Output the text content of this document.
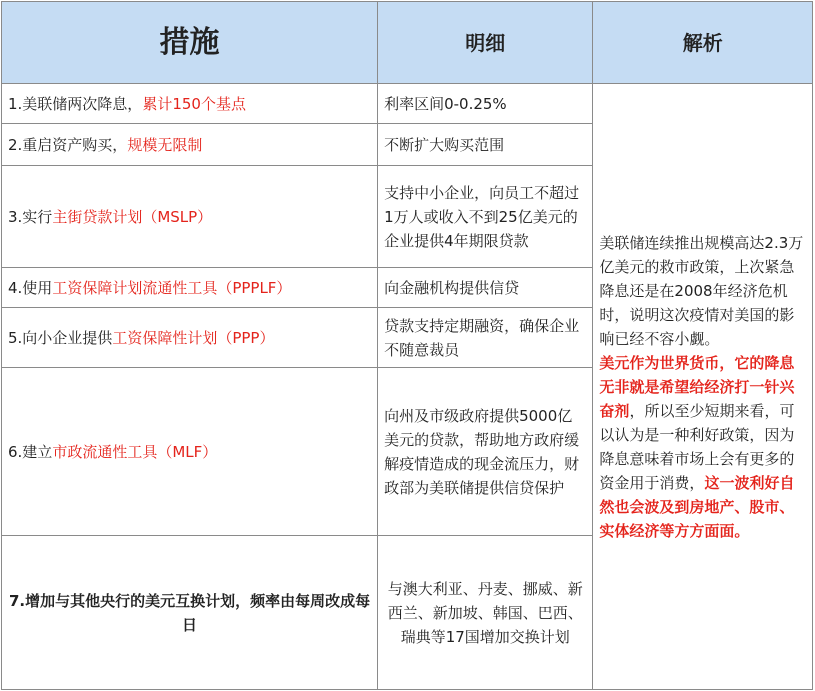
措施	明细	解析
1.美联储两次降息，累计150个基点	利率区间0-0.25%	美联储连续推出规模高达2.3万亿美元的救市政策，上次紧急降息还是在2008年经济危机时，说明这次疫情对美国的影响已经不容小觑。
美元作为世界货币，它的降息无非就是希望给经济打一针兴奋剂，所以至少短期来看，可以认为是一种利好政策，因为降息意味着市场上会有更多的资金用于消费，这一波利好自然也会波及到房地产、股市、实体经济等方方面面。
2.重启资产购买，规模无限制	不断扩大购买范围	
3.实行主街贷款计划（MSLP）	支持中小企业，向员工不超过1万人或收入不到25亿美元的企业提供4年期限贷款	
4.使用工资保障计划流通性工具（PPPLF）	向金融机构提供信贷	
5.向小企业提供工资保障性计划（PPP）	贷款支持定期融资，确保企业不随意裁员	
6.建立市政流通性工具（MLF）	向州及市级政府提供5000亿美元的贷款，帮助地方政府缓解疫情造成的现金流压力，财政部为美联储提供信贷保护	
7.增加与其他央行的美元互换计划，频率由每周改成每日	与澳大利亚、丹麦、挪威、新西兰、新加坡、韩国、巴西、瑞典等17国增加交换计划	
